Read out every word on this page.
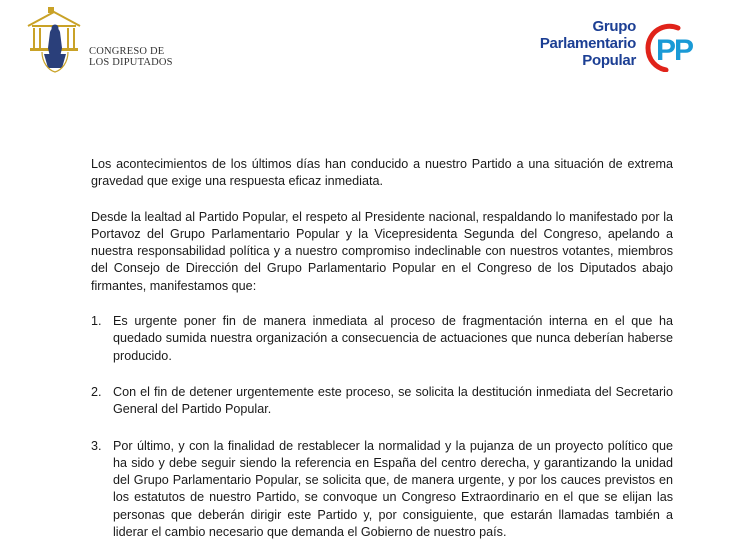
CONGRESO DE
LOS DIPUTADOS
Grupo
Parlamentario
Popular PP

Los acontecimientos de los últimos días han conducido a nuestro Partido a una situación de extrema gravedad que exige una respuesta eficaz inmediata.

Desde la lealtad al Partido Popular, el respeto al Presidente nacional, respaldando lo manifestado por la Portavoz del Grupo Parlamentario Popular y la Vicepresidenta Segunda del Congreso, apelando a nuestra responsabilidad política y a nuestro compromiso indeclinable con nuestros votantes, miembros del Consejo de Dirección del Grupo Parlamentario Popular en el Congreso de los Diputados abajo firmantes, manifestamos que:

1. Es urgente poner fin de manera inmediata al proceso de fragmentación interna en el que ha quedado sumida nuestra organización a consecuencia de actuaciones que nunca deberían haberse producido.
2. Con el fin de detener urgentemente este proceso, se solicita la destitución inmediata del Secretario General del Partido Popular.
3. Por último, y con la finalidad de restablecer la normalidad y la pujanza de un proyecto político que ha sido y debe seguir siendo la referencia en España del centro derecha, y garantizando la unidad del Grupo Parlamentario Popular, se solicita que, de manera urgente, y por los cauces previstos en los estatutos de nuestro Partido, se convoque un Congreso Extraordinario en el que se elijan las personas que deberán dirigir este Partido y, por consiguiente, que estarán llamadas también a liderar el cambio necesario que demanda el Gobierno de nuestro país.
